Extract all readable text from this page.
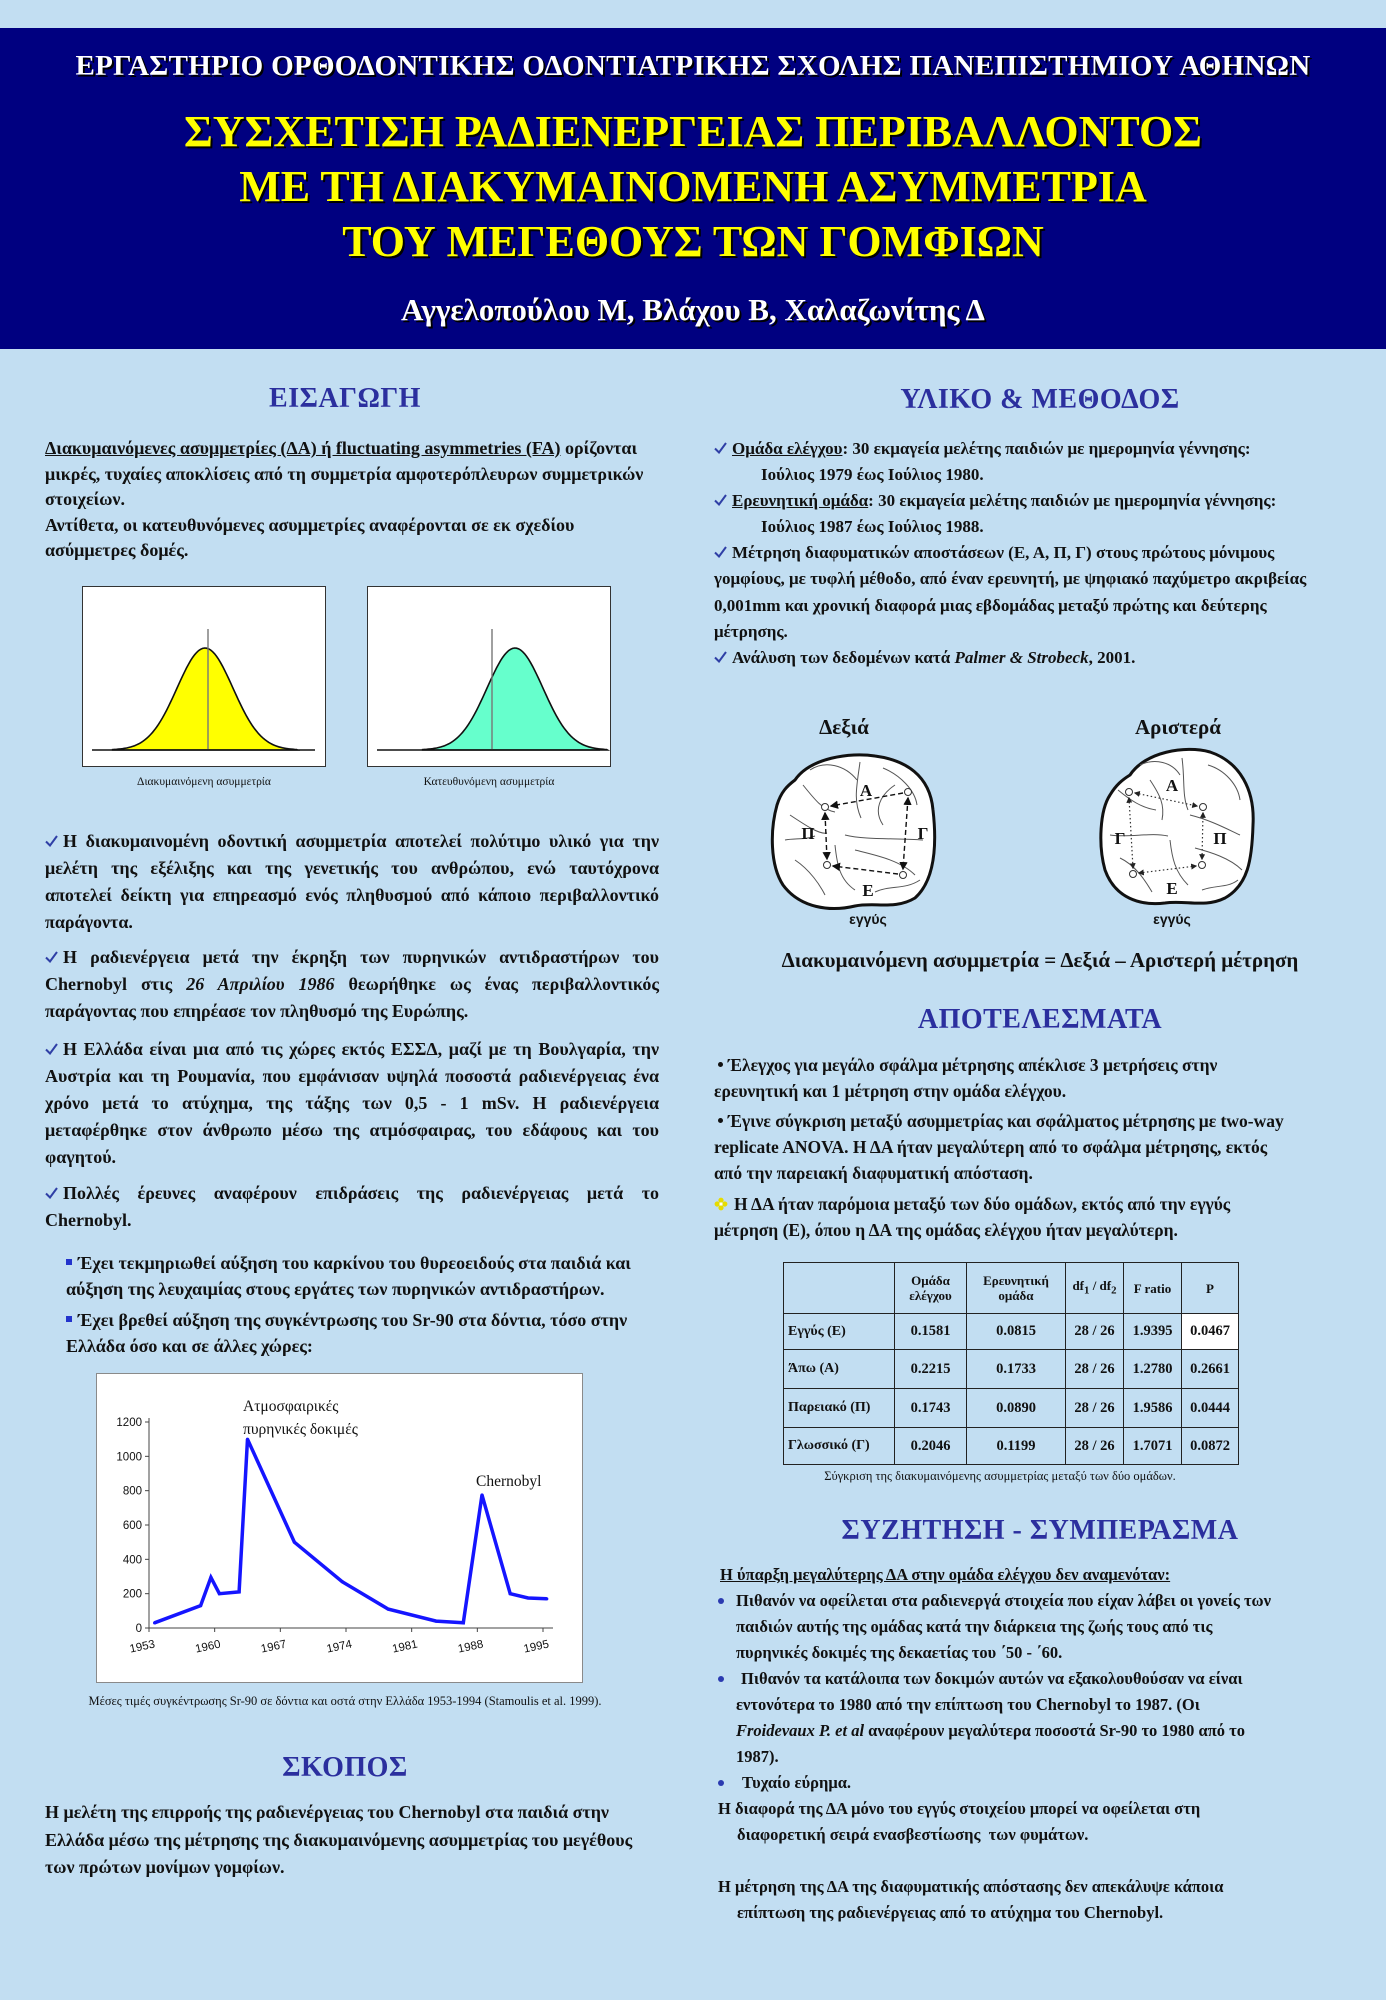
ΕΡΓΑΣΤΗΡΙΟ ΟΡΘΟΔΟΝΤΙΚΗΣ ΟΔΟΝΤΙΑΤΡΙΚΗΣ ΣΧΟΛΗΣ ΠΑΝΕΠΙΣΤΗΜΙΟΥ ΑΘΗΝΩΝ
ΣΥΣΧΕΤΙΣΗ ΡΑΔΙΕΝΕΡΓΕΙΑΣ ΠΕΡΙΒΑΛΛΟΝΤΟΣ
ΜΕ ΤΗ ΔΙΑΚΥΜΑΙΝΟΜΕΝΗ ΑΣΥΜΜΕΤΡΙΑ
ΤΟΥ ΜΕΓΕΘΟΥΣ ΤΩΝ ΓΟΜΦΙΩΝ
Αγγελοπούλου Μ, Βλάχου Β, Χαλαζωνίτης Δ
ΕΙΣΑΓΩΓΗ
Διακυμαινόμενες ασυμμετρίες (ΔΑ) ή fluctuating asymmetries (FA) ορίζονται
μικρές, τυχαίες αποκλίσεις από τη συμμετρία αμφοτερόπλευρων συμμετρικών
στοιχείων.
Αντίθετα, οι κατευθυνόμενες ασυμμετρίες αναφέρονται σε εκ σχεδίου
ασύμμετρες δομές.
Διακυμαινόμενη ασυμμετρία	Κατευθυνόμενη ασυμμετρία
Η διακυμαινομένη οδοντική ασυμμετρία αποτελεί πολύτιμο υλικό για την
μελέτη της εξέλιξης και της γενετικής του ανθρώπου, ενώ ταυτόχρονα
αποτελεί δείκτη για επηρεασμό ενός πληθυσμού από κάποιο περιβαλλοντικό
παράγοντα.
Η ραδιενέργεια μετά την έκρηξη των πυρηνικών αντιδραστήρων του
Chernobyl στις 26 Απριλίου 1986 θεωρήθηκε ως ένας περιβαλλοντικός
παράγοντας που επηρέασε τον πληθυσμό της Ευρώπης.
Η Ελλάδα είναι μια από τις χώρες εκτός ΕΣΣΔ, μαζί με τη Βουλγαρία, την
Αυστρία και τη Ρουμανία, που εμφάνισαν υψηλά ποσοστά ραδιενέργειας ένα
χρόνο μετά το ατύχημα, της τάξης των 0,5 - 1 mSv. Η ραδιενέργεια
μεταφέρθηκε στον άνθρωπο μέσω της ατμόσφαιρας, του εδάφους και του
φαγητού.
Πολλές έρευνες αναφέρουν επιδράσεις της ραδιενέργειας μετά το
Chernobyl.
Έχει τεκμηριωθεί αύξηση του καρκίνου του θυρεοειδούς στα παιδιά και
αύξηση της λευχαιμίας στους εργάτες των πυρηνικών αντιδραστήρων.
Έχει βρεθεί αύξηση της συγκέντρωσης του Sr-90 στα δόντια, τόσο στην
Ελλάδα όσο και σε άλλες χώρες:
Ατμοσφαιρικές
πυρηνικές δοκιμές
Chernobyl
0
200
400
600
800
1000
1200
1953	1960	1967	1974	1981	1988	1995
Μέσες τιμές συγκέντρωσης Sr-90 σε δόντια και οστά στην Ελλάδα 1953-1994 (Stamoulis et al. 1999).
ΣΚΟΠΟΣ
Η μελέτη της επιρροής της ραδιενέργειας του Chernobyl στα παιδιά στην
Ελλάδα μέσω της μέτρησης της διακυμαινόμενης ασυμμετρίας του μεγέθους
των πρώτων μονίμων γομφίων.
ΥΛΙΚΟ & ΜΕΘΟΔΟΣ
Ομάδα ελέγχου: 30 εκμαγεία μελέτης παιδιών με ημερομηνία γέννησης:
Ιούλιος 1979 έως Ιούλιος 1980.
Ερευνητική ομάδα: 30 εκμαγεία μελέτης παιδιών με ημερομηνία γέννησης:
Ιούλιος 1987 έως Ιούλιος 1988.
Μέτρηση διαφυματικών αποστάσεων (Ε, Α, Π, Γ) στους πρώτους μόνιμους
γομφίους, με τυφλή μέθοδο, από έναν ερευνητή, με ψηφιακό παχύμετρο ακριβείας
0,001mm και χρονική διαφορά μιας εβδομάδας μεταξύ πρώτης και δεύτερης
μέτρησης.
Ανάλυση των δεδομένων κατά Palmer & Strobeck, 2001.
Δεξιά	Αριστερά
Α
Π	Γ
Ε
Α
Γ	Π
Ε
εγγύς	εγγύς
Διακυμαινόμενη ασυμμετρία = Δεξιά – Αριστερή μέτρηση
ΑΠΟΤΕΛΕΣΜΑΤΑ
Έλεγχος για μεγάλο σφάλμα μέτρησης απέκλισε 3 μετρήσεις στην
ερευνητική και 1 μέτρηση στην ομάδα ελέγχου.
Έγινε σύγκριση μεταξύ ασυμμετρίας και σφάλματος μέτρησης με two-way
replicate ANOVA. Η ΔΑ ήταν μεγαλύτερη από το σφάλμα μέτρησης, εκτός
από την παρειακή διαφυματική απόσταση.
Η ΔΑ ήταν παρόμοια μεταξύ των δύο ομάδων, εκτός από την εγγύς
μέτρηση (Ε), όπου η ΔΑ της ομάδας ελέγχου ήταν μεγαλύτερη.
	Ομάδα ελέγχου	Ερευνητική ομάδα	$df_1 / df_2$	F ratio	P
Εγγύς (Ε)	0.1581	0.0815	28 / 26	1.9395	0.0467
Άπω (Α)	0.2215	0.1733	28 / 26	1.2780	0.2661
Παρειακό (Π)	0.1743	0.0890	28 / 26	1.9586	0.0444
Γλωσσικό (Γ)	0.2046	0.1199	28 / 26	1.7071	0.0872
Σύγκριση της διακυμαινόμενης ασυμμετρίας μεταξύ των δύο ομάδων.
ΣΥΖΗΤΗΣΗ - ΣΥΜΠΕΡΑΣΜΑ
Η ύπαρξη μεγαλύτερης ΔΑ στην ομάδα ελέγχου δεν αναμενόταν:
Πιθανόν να οφείλεται στα ραδιενεργά στοιχεία που είχαν λάβει οι γονείς των
παιδιών αυτής της ομάδας κατά την διάρκεια της ζωής τους από τις
πυρηνικές δοκιμές της δεκαετίας του ΄50 - ΄60.
Πιθανόν τα κατάλοιπα των δοκιμών αυτών να εξακολουθούσαν να είναι
εντονότερα το 1980 από την επίπτωση του Chernobyl το 1987. (Οι
Froidevaux P. et al αναφέρουν μεγαλύτερα ποσοστά Sr-90 το 1980 από το
1987).
Τυχαίο εύρημα.
Η διαφορά της ΔΑ μόνο του εγγύς στοιχείου μπορεί να οφείλεται στη
διαφορετική σειρά ενασβεστίωσης  των φυμάτων.
Η μέτρηση της ΔΑ της διαφυματικής απόστασης δεν απεκάλυψε κάποια
επίπτωση της ραδιενέργειας από το ατύχημα του Chernobyl.
